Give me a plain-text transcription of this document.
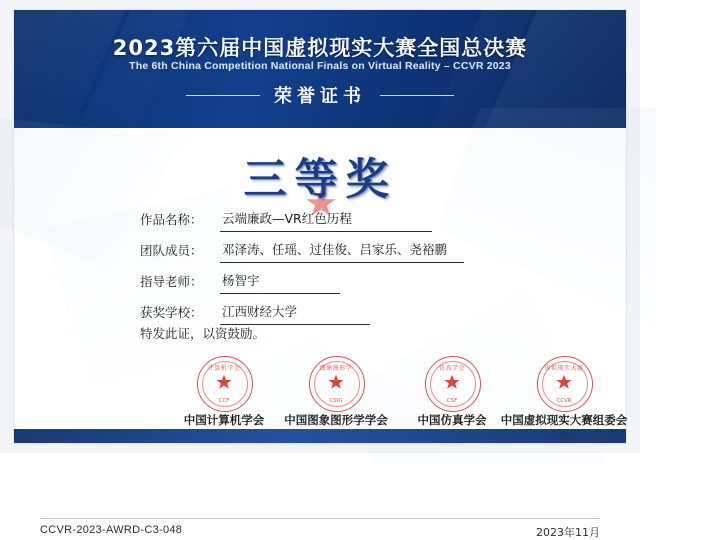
2023第六届中国虚拟现实大赛全国总决赛
The 6th China Competition National Finals on Virtual Reality – CCVR 2023
荣誉证书
三等奖
作品名称：	云端廉政—VR红色历程
团队成员：	邓泽涛、任瑶、过佳俊、吕家乐、尧裕鹏
指导老师：	杨智宇
获奖学校：	江西财经大学
特发此证，以资鼓励。
计算机学会
CCF
中国计算机学会
图象图形学
CSIG
中国图象图形学学会
仿真学会
CSF
中国仿真学会
虚拟现实大赛
CCVR
中国虚拟现实大赛组委会
CCVR-2023-AWRD-C3-048	2023年11月
